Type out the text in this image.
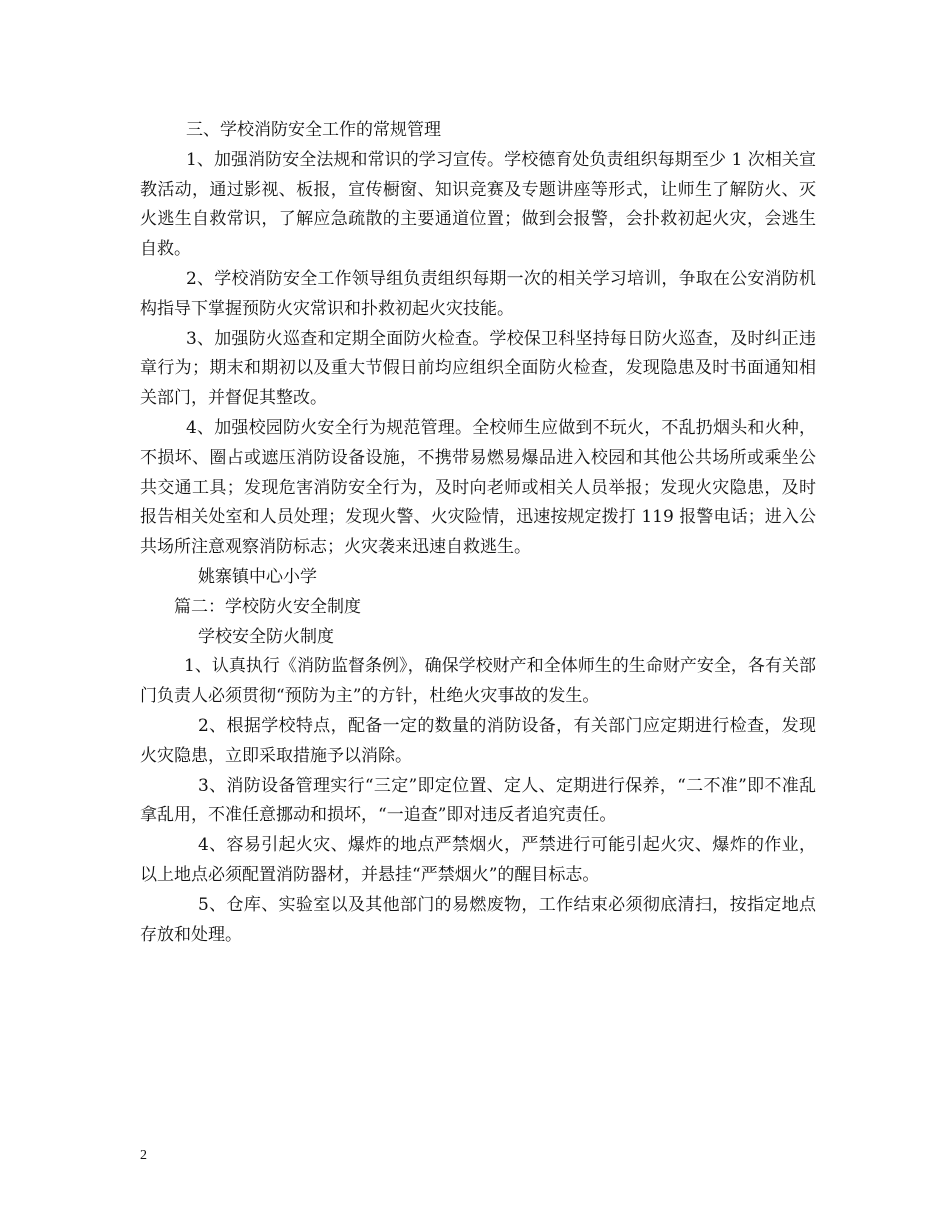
三、学校消防安全工作的常规管理

1、加强消防安全法规和常识的学习宣传。学校德育处负责组织每期至少 1 次相关宣教活动，通过影视、板报，宣传橱窗、知识竞赛及专题讲座等形式，让师生了解防火、灭火逃生自救常识，了解应急疏散的主要通道位置；做到会报警，会扑救初起火灾，会逃生自救。

2、学校消防安全工作领导组负责组织每期一次的相关学习培训，争取在公安消防机构指导下掌握预防火灾常识和扑救初起火灾技能。

3、加强防火巡查和定期全面防火检查。学校保卫科坚持每日防火巡查，及时纠正违章行为；期末和期初以及重大节假日前均应组织全面防火检查，发现隐患及时书面通知相关部门，并督促其整改。

4、加强校园防火安全行为规范管理。全校师生应做到不玩火，不乱扔烟头和火种，不损坏、圈占或遮压消防设备设施，不携带易燃易爆品进入校园和其他公共场所或乘坐公共交通工具；发现危害消防安全行为，及时向老师或相关人员举报；发现火灾隐患，及时报告相关处室和人员处理；发现火警、火灾险情，迅速按规定拨打 119 报警电话；进入公共场所注意观察消防标志；火灾袭来迅速自救逃生。

姚寨镇中心小学

篇二：学校防火安全制度

学校安全防火制度

1、认真执行《消防监督条例》，确保学校财产和全体师生的生命财产安全，各有关部门负责人必须贯彻“预防为主”的方针，杜绝火灾事故的发生。

2、根据学校特点，配备一定的数量的消防设备，有关部门应定期进行检查，发现火灾隐患，立即采取措施予以消除。

3、消防设备管理实行“三定”即定位置、定人、定期进行保养，“二不准”即不准乱拿乱用，不准任意挪动和损坏，“一追查”即对违反者追究责任。

4、容易引起火灾、爆炸的地点严禁烟火，严禁进行可能引起火灾、爆炸的作业，以上地点必须配置消防器材，并悬挂“严禁烟火”的醒目标志。

5、仓库、实验室以及其他部门的易燃废物，工作结束必须彻底清扫，按指定地点存放和处理。

2
